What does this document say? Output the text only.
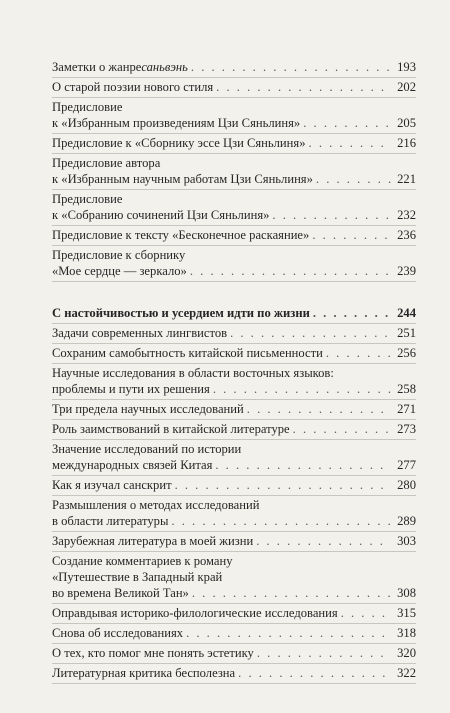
Заметки о жанре саньвэнь . . .	193
О старой поэзии нового стиля . . .	202
Предисловие
к «Избранным произведениям Цзи Сяньлиня» . . .	205
Предисловие к «Сборнику эссе Цзи Сяньлиня» . . .	216
Предисловие автора
к «Избранным научным работам Цзи Сяньлиня» . . .	221
Предисловие
к «Собранию сочинений Цзи Сяньлиня» . . .	232
Предисловие к тексту «Бесконечное раскаяние» . . .	236
Предисловие к сборнику
«Мое сердце — зеркало» . . .	239
С настойчивостью и усердием идти по жизни . . .	244
Задачи современных лингвистов . . .	251
Сохраним самобытность китайской письменности . . .	256
Научные исследования в области восточных языков:
проблемы и пути их решения . . .	258
Три предела научных исследований . . .	271
Роль заимствований в китайской литературе . . .	273
Значение исследований по истории
международных связей Китая . . .	277
Как я изучал санскрит . . .	280
Размышления о методах исследований
в области литературы . . .	289
Зарубежная литература в моей жизни . . .	303
Создание комментариев к роману
«Путешествие в Западный край
во времена Великой Тан» . . .	308
Оправдывая историко-филологические исследования . . .	315
Снова об исследованиях . . .	318
О тех, кто помог мне понять эстетику . . .	320
Литературная критика бесполезна . . .	322
